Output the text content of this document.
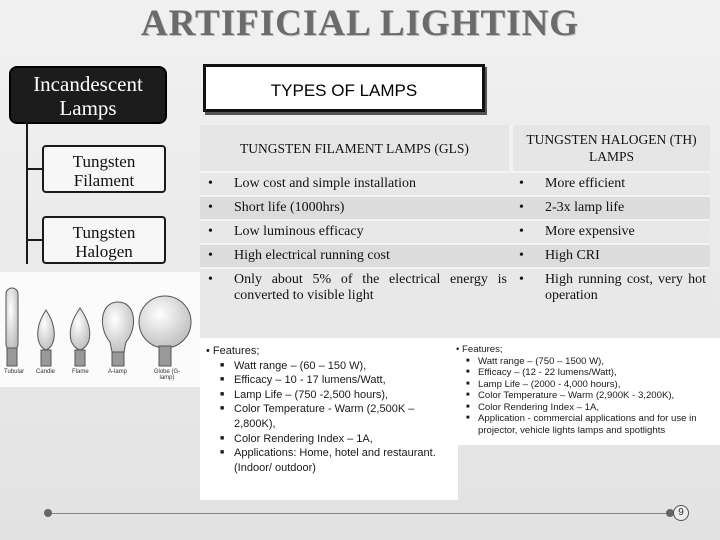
ARTIFICIAL LIGHTING
Incandescent Lamps
Tungsten Filament
Tungsten Halogen
TYPES OF LAMPS
Tubular Candle	Flame	A-lamp	Globe (G-lamp)
TUNGSTEN FILAMENT LAMPS (GLS)		TUNGSTEN HALOGEN (TH) LAMPS	
•	Low cost and simple installation	•	More efficient
•	Short life (1000hrs)	•	2-3x lamp life
•	Low luminous efficacy	•	More expensive
•	High electrical running cost	•	High CRI
•	Only about 5% of the electrical energy is converted to visible light	•	High running cost, very hot operation

• Features;

■ Watt range – (60 – 150 W),
■ Efficacy – 10 - 17 lumens/Watt,
■ Lamp Life – (750 -2,500 hours),
■ Color Temperature - Warm (2,500K – 2,800K),
■ Color Rendering Index – 1A,
■ Applications: Home, hotel and restaurant. (Indoor/ outdoor)

• Features;

■ Watt range – (750 – 1500 W),
■ Efficacy – (12 - 22 lumens/Watt),
■ Lamp Life – (2000 - 4,000 hours),
■ Color Temperature – Warm (2,900K - 3,200K),
■ Color Rendering Index – 1A,
■ Application - commercial applications and for use in projector, vehicle lights lamps and spotlights
9
